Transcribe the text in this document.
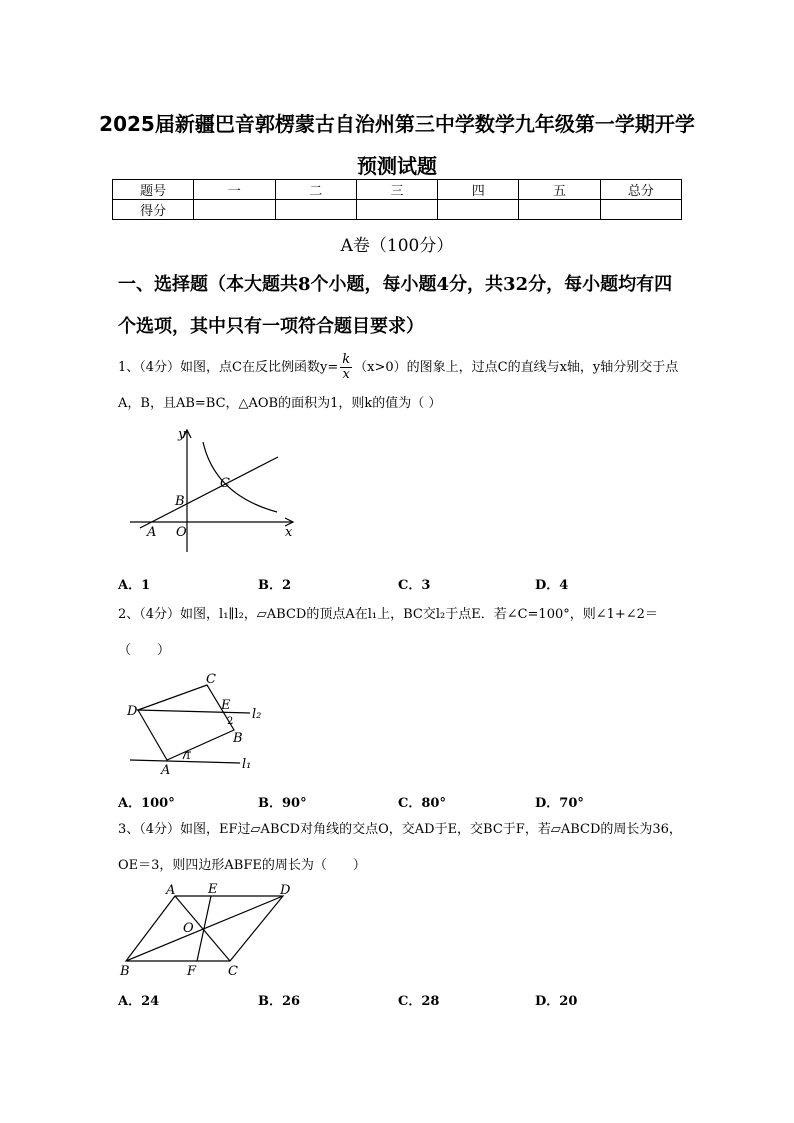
2025届新疆巴音郭楞蒙古自治州第三中学数学九年级第一学期开学
预测试题
题号	一	二	三	四	五	总分
得分						
A卷（100分）
一、选择题（本大题共8个小题，每小题4分，共32分，每小题均有四个选项，其中只有一项符合题目要求）
1、（4分）如图，点C在反比例函数$y= \frac{k}{x} (x>0)$的图象上，过点C的直线与x轴，y轴分别交于点A，B，且AB=BC，△AOB的面积为1，则k的值为（ ）
y
x
O
A
B
C
A．1	B．2	C．3	D．4
2、（4分）如图，l₁∥l₂，▱ABCD的顶点A在l₁上，BC交l₂于点E．若∠C=100°，则∠1+∠2＝（　　）
A
B
C
D	E
2
1
l₂
l₁
A．100°	B．90°	C．80°	D．70°
3、（4分）如图，EF过▱ABCD对角线的交点O，交AD于E，交BC于F，若▱ABCD的周长为36，OE＝3，则四边形ABFE的周长为（　　）
A	E	D
O
B	F C
A．24	B．26	C．28	D．20
